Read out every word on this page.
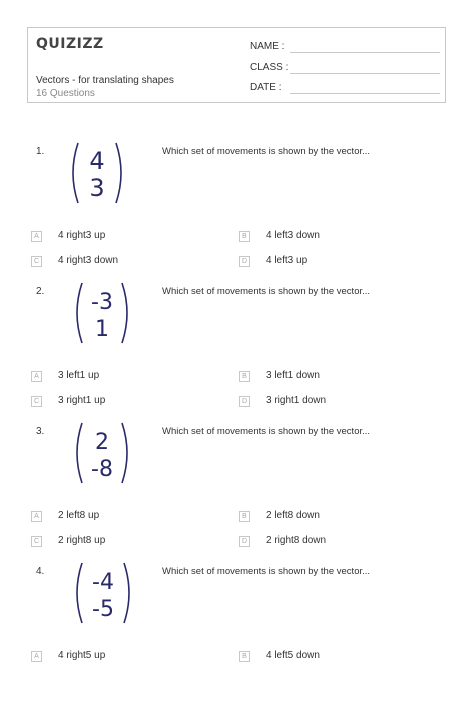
QUIZIZZ
Vectors - for translating shapes
16 Questions
NAME :
CLASS :
DATE :
1. 4
3
Which set of movements is shown by the vector...
A	4 right3 up	B	4 left3 down
C 4 right3 down	D 4 left3 up
2. -3
1
Which set of movements is shown by the vector...
A	3 left1 up	B	3 left1 down
C 3 right1 up	D 3 right1 down
3. 2
-8
Which set of movements is shown by the vector...
A	2 left8 up	B	2 left8 down
C 2 right8 up	D 2 right8 down
4. -4
-5
Which set of movements is shown by the vector...
A	4 right5 up	B	4 left5 down
